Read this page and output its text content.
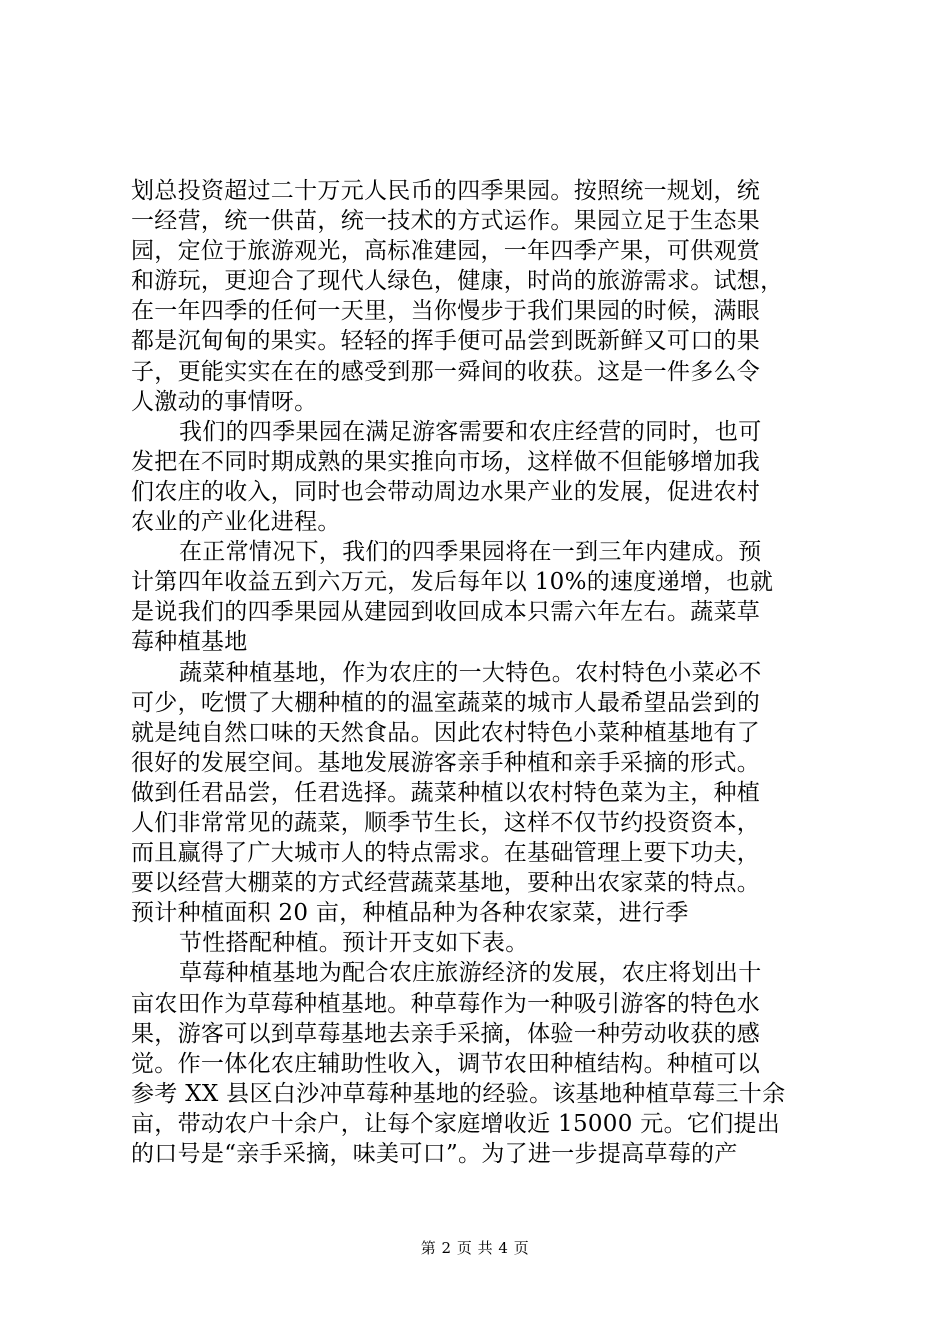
划总投资超过二十万元人民币的四季果园。按照统一规划，统
一经营，统一供苗，统一技术的方式运作。果园立足于生态果
园，定位于旅游观光，高标准建园，一年四季产果，可供观赏
和游玩，更迎合了现代人绿色，健康，时尚的旅游需求。试想，
在一年四季的任何一天里，当你慢步于我们果园的时候，满眼
都是沉甸甸的果实。轻轻的挥手便可品尝到既新鲜又可口的果
子，更能实实在在的感受到那一舜间的收获。这是一件多么令
人激动的事情呀。
我们的四季果园在满足游客需要和农庄经营的同时，也可
发把在不同时期成熟的果实推向市场，这样做不但能够增加我
们农庄的收入，同时也会带动周边水果产业的发展，促进农村
农业的产业化进程。
在正常情况下，我们的四季果园将在一到三年内建成。预
计第四年收益五到六万元，发后每年以 10%的速度递增，也就
是说我们的四季果园从建园到收回成本只需六年左右。蔬菜草
莓种植基地
蔬菜种植基地，作为农庄的一大特色。农村特色小菜必不
可少，吃惯了大棚种植的的温室蔬菜的城市人最希望品尝到的
就是纯自然口味的天然食品。因此农村特色小菜种植基地有了
很好的发展空间。基地发展游客亲手种植和亲手采摘的形式。
做到任君品尝，任君选择。蔬菜种植以农村特色菜为主，种植
人们非常常见的蔬菜，顺季节生长，这样不仅节约投资资本，
而且赢得了广大城市人的特点需求。在基础管理上要下功夫，
要以经营大棚菜的方式经营蔬菜基地，要种出农家菜的特点。
预计种植面积 20 亩，种植品种为各种农家菜，进行季
节性搭配种植。预计开支如下表。
草莓种植基地为配合农庄旅游经济的发展，农庄将划出十
亩农田作为草莓种植基地。种草莓作为一种吸引游客的特色水
果，游客可以到草莓基地去亲手采摘，体验一种劳动收获的感
觉。作一体化农庄辅助性收入，调节农田种植结构。种植可以
参考 XX 县区白沙冲草莓种基地的经验。该基地种植草莓三十余
亩，带动农户十余户，让每个家庭增收近 15000 元。它们提出
的口号是“亲手采摘，味美可口”。为了进一步提高草莓的产
第 2 页 共 4 页
